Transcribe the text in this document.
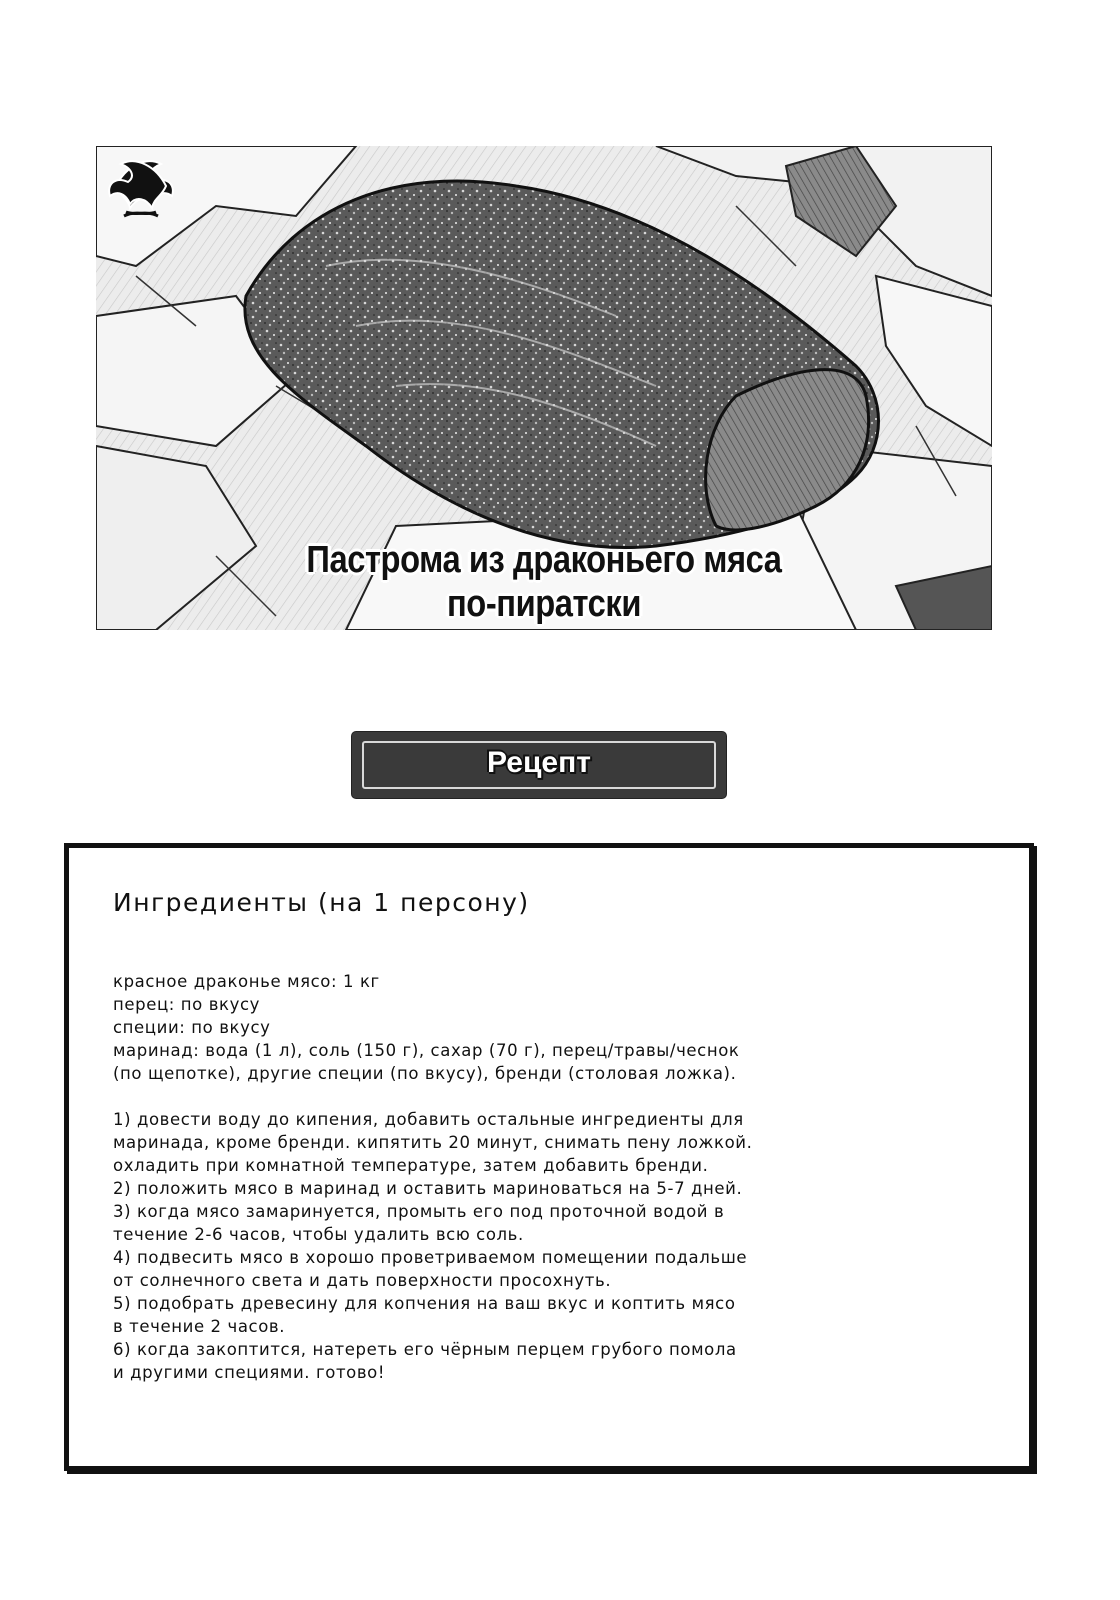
Пастрома из драконьего мяса
по-пиратски
Рецепт
Ингредиенты (на 1 персону)

красное драконье мясо: 1 кг

перец: по вкусу

специи: по вкусу

маринад: вода (1 л), соль (150 г), сахар (70 г), перец/травы/чеснок

(по щепотке), другие специи (по вкусу), бренди (столовая ложка).

1) довести воду до кипения, добавить остальные ингредиенты для

маринада, кроме бренди. кипятить 20 минут, снимать пену ложкой.

охладить при комнатной температуре, затем добавить бренди.

2) положить мясо в маринад и оставить мариноваться на 5-7 дней.

3) когда мясо замаринуется, промыть его под проточной водой в

течение 2-6 часов, чтобы удалить всю соль.

4) подвесить мясо в хорошо проветриваемом помещении подальше

от солнечного света и дать поверхности просохнуть.

5) подобрать древесину для копчения на ваш вкус и коптить мясо

в течение 2 часов.

6) когда закоптится, натереть его чёрным перцем грубого помола

и другими специями. готово!
